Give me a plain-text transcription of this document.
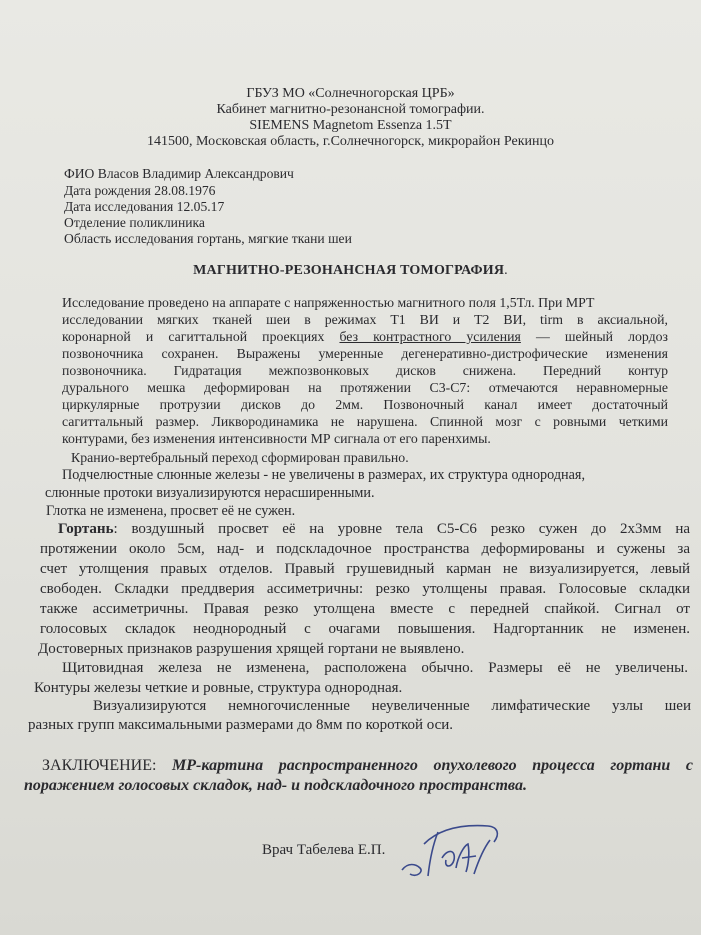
ГБУЗ МО «Солнечногорская ЦРБ»
Кабинет магнитно-резонансной томографии.
SIEMENS Magnetom Essenza 1.5Т
141500, Московская область, г.Солнечногорск, микрорайон Рекинцо
ФИО Власов Владимир Александрович
Дата рождения 28.08.1976
Дата исследования 12.05.17
Отделение поликлиника
Область исследования гортань, мягкие ткани шеи
МАГНИТНО-РЕЗОНАНСНАЯ ТОМОГРАФИЯ.
Исследование проведено на аппарате с напряженностью магнитного поля 1,5Тл. При МРТ
исследовании мягких тканей шеи в режимах Т1 ВИ и Т2 ВИ, tirm в аксиальной,
коронарной и сагиттальной проекциях без контрастного усиления — шейный лордоз
позвоночника сохранен. Выражены умеренные дегенеративно-дистрофические изменения
позвоночника. Гидратация межпозвонковых дисков снижена. Передний контур
дурального мешка деформирован на протяжении С3-С7: отмечаются неравномерные
циркулярные протрузии дисков до 2мм. Позвоночный канал имеет достаточный
сагиттальный размер. Ликвородинамика не нарушена. Спинной мозг с ровными четкими
контурами, без изменения интенсивности МР сигнала от его паренхимы.
Кранио-вертебральный переход сформирован правильно.
Подчелюстные слюнные железы - не увеличены в размерах, их структура однородная,
слюнные протоки визуализируются нерасширенными.
Глотка не изменена, просвет её не сужен.
Гортань: воздушный просвет её на уровне тела С5-С6 резко сужен до 2х3мм на
протяжении около 5см, над- и подскладочное пространства деформированы и сужены за
счет утолщения правых отделов. Правый грушевидный карман не визуализируется, левый
свободен. Складки преддверия ассиметричны: резко утолщены правая. Голосовые складки
также ассиметричны. Правая резко утолщена вместе с передней спайкой. Сигнал от
голосовых складок неоднородный с очагами повышения. Надгортанник не изменен.
Достоверных признаков разрушения хрящей гортани не выявлено.
Щитовидная железа не изменена, расположена обычно. Размеры её не увеличены.
Контуры железы четкие и ровные, структура однородная.
Визуализируются немногочисленные неувеличенные лимфатические узлы шеи
разных групп максимальными размерами до 8мм по короткой оси.
ЗАКЛЮЧЕНИЕ: МР-картина распространенного опухолевого процесса гортани с
поражением голосовых складок, над- и подскладочного пространства.
Врач Табелева Е.П.
